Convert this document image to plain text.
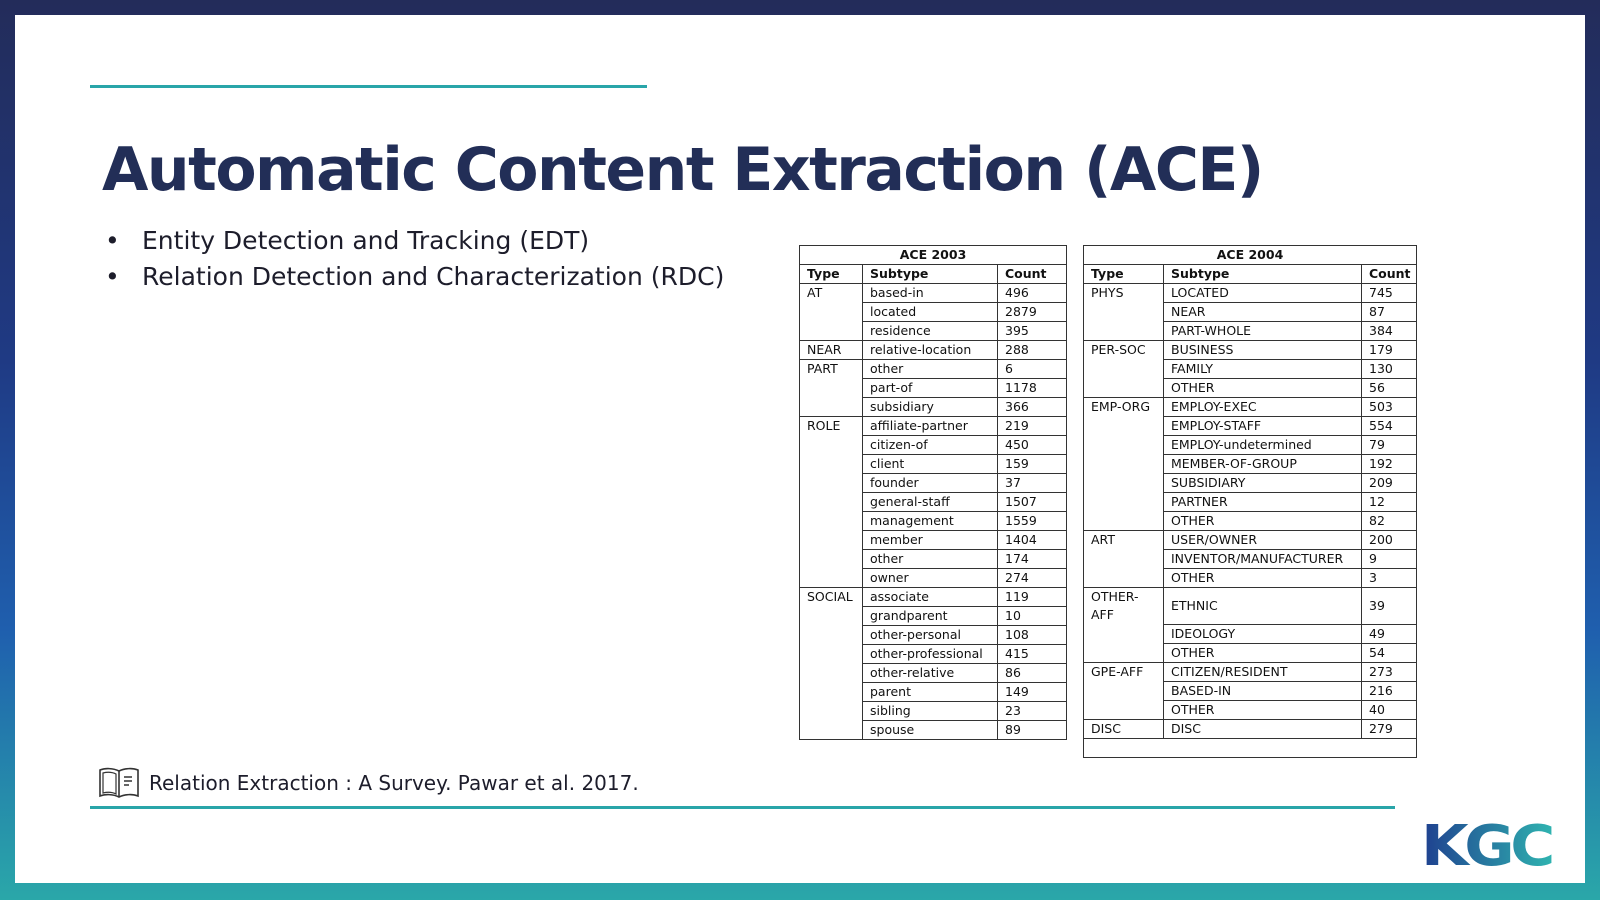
Automatic Content Extraction (ACE)
• Entity Detection and Tracking (EDT)
• Relation Detection and Characterization (RDC)
ACE 2003		
Type	Subtype	Count
AT	based-in	496
	located	2879
	residence	395
NEAR	relative-location	288
PART	other	6
	part-of	1178
	subsidiary	366
ROLE	affiliate-partner	219
	citizen-of	450
	client	159
	founder	37
	general-staff	1507
	management	1559
	member	1404
	other	174
	owner	274
SOCIAL	associate	119
	grandparent	10
	other-personal	108
	other-professional	415
	other-relative	86
	parent	149
	sibling	23
	spouse	89
ACE 2004		
Type	Subtype	Count
PHYS	LOCATED	745
	NEAR	87
	PART-WHOLE	384
PER-SOC	BUSINESS	179
	FAMILY	130
	OTHER	56
EMP-ORG	EMPLOY-EXEC	503
	EMPLOY-STAFF	554
	EMPLOY-undetermined	79
	MEMBER-OF-GROUP	192
	SUBSIDIARY	209
	PARTNER	12
	OTHER	82
ART	USER/OWNER	200
	INVENTOR/MANUFACTURER	9
	OTHER	3
OTHER-
AFF	ETHNIC	39
	IDEOLOGY	49
	OTHER	54
GPE-AFF	CITIZEN/RESIDENT	273
	BASED-IN	216
	OTHER	40
DISC	DISC	279

Relation Extraction : A Survey. Pawar et al. 2017.
KGC
